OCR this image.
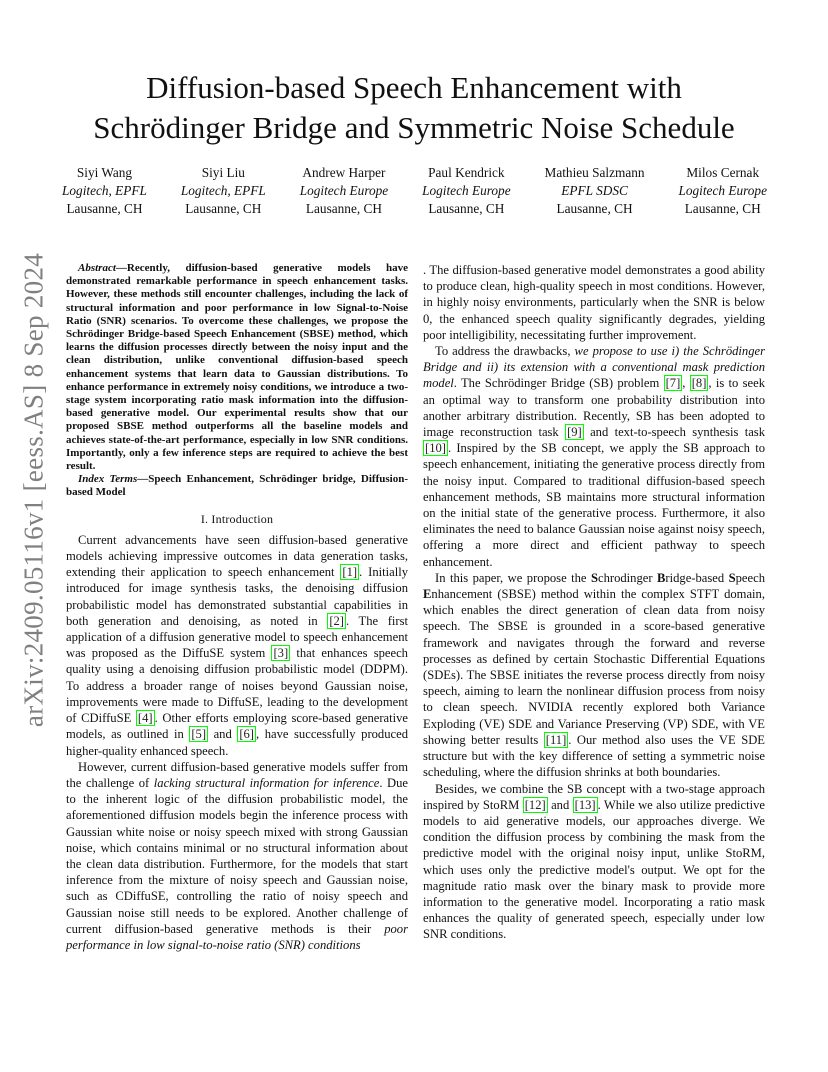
arXiv:2409.05116v1 [eess.AS] 8 Sep 2024
Diffusion-based Speech Enhancement with
Schrödinger Bridge and Symmetric Noise Schedule
Siyi Wang
Logitech, EPFL
Lausanne, CH
Siyi Liu
Logitech, EPFL
Lausanne, CH
Andrew Harper
Logitech Europe
Lausanne, CH
Paul Kendrick
Logitech Europe
Lausanne, CH
Mathieu Salzmann
EPFL SDSC
Lausanne, CH
Milos Cernak
Logitech Europe
Lausanne, CH

Abstract—Recently, diffusion-based generative models have demonstrated remarkable performance in speech enhancement tasks. However, these methods still encounter challenges, including the lack of structural information and poor performance in low Signal-to-Noise Ratio (SNR) scenarios. To overcome these challenges, we propose the Schrödinger Bridge-based Speech Enhancement (SBSE) method, which learns the diffusion processes directly between the noisy input and the clean distribution, unlike conventional diffusion-based speech enhancement systems that learn data to Gaussian distributions. To enhance performance in extremely noisy conditions, we introduce a two-stage system incorporating ratio mask information into the diffusion-based generative model. Our experimental results show that our proposed SBSE method outperforms all the baseline models and achieves state-of-the-art performance, especially in low SNR conditions. Importantly, only a few inference steps are required to achieve the best result.

Index Terms—Speech Enhancement, Schrödinger bridge, Diffusion-based Model

I. Introduction

Current advancements have seen diffusion-based generative models achieving impressive outcomes in data generation tasks, extending their application to speech enhancement [1] . Initially introduced for image synthesis tasks, the denoising diffusion probabilistic model has demonstrated substantial capabilities in both generation and denoising, as noted in [2] . The first application of a diffusion generative model to speech enhancement was proposed as the DiffuSE system [3] that enhances speech quality using a denoising diffusion probabilistic model (DDPM). To address a broader range of noises beyond Gaussian noise, improvements were made to DiffuSE, leading to the development of CDiffuSE [4] . Other efforts employing score-based generative models, as outlined in [5] and [6] , have successfully produced higher-quality enhanced speech.

However, current diffusion-based generative models suffer from the challenge of lacking structural information for inference. Due to the inherent logic of the diffusion probabilistic model, the aforementioned diffusion models begin the inference process with Gaussian white noise or noisy speech mixed with strong Gaussian noise, which contains minimal or no structural information about the clean data distribution. Furthermore, for the models that start inference from the mixture of noisy speech and Gaussian noise, such as CDiffuSE, controlling the ratio of noisy speech and Gaussian noise still needs to be explored. Another challenge of current diffusion-based generative methods is their poor performance in low signal-to-noise ratio (SNR) conditions

. The diffusion-based generative model demonstrates a good ability to produce clean, high-quality speech in most conditions. However, in highly noisy environments, particularly when the SNR is below 0, the enhanced speech quality significantly degrades, yielding poor intelligibility, necessitating further improvement.

To address the drawbacks, we propose to use i) the Schrödinger Bridge and ii) its extension with a conventional mask prediction model. The Schrödinger Bridge (SB) problem [7] , [8] , is to seek an optimal way to transform one probability distribution into another arbitrary distribution. Recently, SB has been adopted to image reconstruction task [9] and text-to-speech synthesis task [10] . Inspired by the SB concept, we apply the SB approach to speech enhancement, initiating the generative process directly from the noisy input. Compared to traditional diffusion-based speech enhancement methods, SB maintains more structural information on the initial state of the generative process. Furthermore, it also eliminates the need to balance Gaussian noise against noisy speech, offering a more direct and efficient pathway to speech enhancement.

In this paper, we propose the Schrodinger Bridge-based Speech Enhancement (SBSE) method within the complex STFT domain, which enables the direct generation of clean data from noisy speech. The SBSE is grounded in a score-based generative framework and navigates through the forward and reverse processes as defined by certain Stochastic Differential Equations (SDEs). The SBSE initiates the reverse process directly from noisy speech, aiming to learn the nonlinear diffusion process from noisy to clean speech. NVIDIA recently explored both Variance Exploding (VE) SDE and Variance Preserving (VP) SDE, with VE showing better results [11] . Our method also uses the VE SDE structure but with the key difference of setting a symmetric noise scheduling, where the diffusion shrinks at both boundaries.

Besides, we combine the SB concept with a two-stage approach inspired by StoRM [12] and [13] . While we also utilize predictive models to aid generative models, our approaches diverge. We condition the diffusion process by combining the mask from the predictive model with the original noisy input, unlike StoRM, which uses only the predictive model's output. We opt for the magnitude ratio mask over the binary mask to provide more information to the generative model. Incorporating a ratio mask enhances the quality of generated speech, especially under low SNR conditions.
